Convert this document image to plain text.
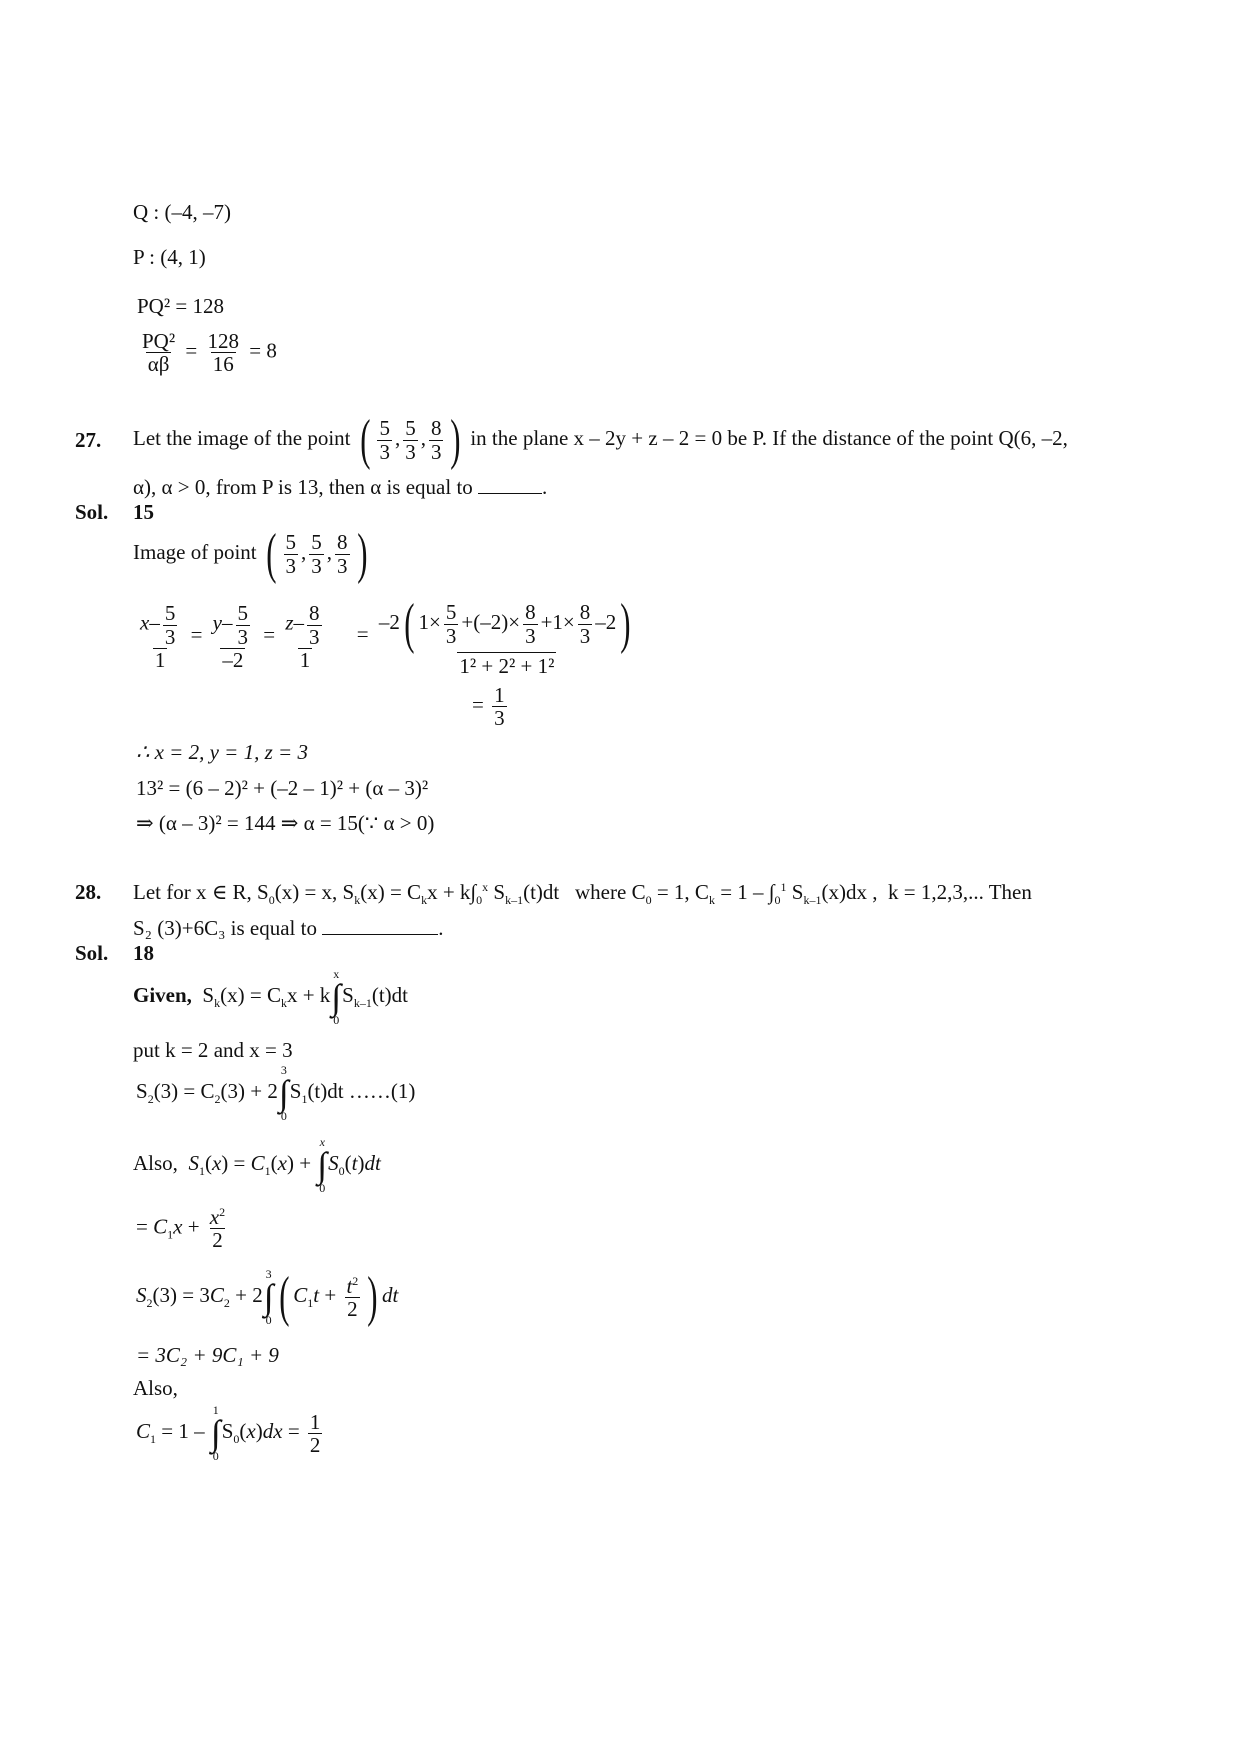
Q : (–4, –7)
P : (4, 1)
PQ² = 128
$\frac{\text{PQ²}}{\alpha\beta} = \frac{128}{16} = 8$
27. Let the image of the point ( $\frac{5}{3}$ , $\frac{5}{3}$ , $\frac{8}{3}$ ) in the plane x – 2y + z – 2 = 0 be P. If the distance of the point Q(6, –2,
α), α > 0, from P is 13, then α is equal to	.
Sol. 15
Image of point ( $\frac{5}{3}$ , $\frac{5}{3}$ , $\frac{8}{3}$ )
$\frac{x- \frac{5}{3}}{1} = \frac{y- \frac{5}{3}}{-2} = \frac{z- \frac{8}{3}}{1} = \frac{-2( 1\times \frac{5}{3} +(-2)\times \frac{8}{3} +1\times \frac{8}{3} -2)}{\text{1² + 2² + 1²}}$
= $\frac{1}{3}$
∴ x = 2, y = 1, z = 3
13² = (6 – 2)² + (–2 – 1)² + (α – 3)²
⇒ (α – 3)² = 144 ⇒ α = 15(∵ α > 0)
28. Let for x ∈ R, $S_0(x) = x$, $S_k(x) = C_kx + k\int_0^x$ $S_{k-1}(t)dt$   where $C_0 = 1$, $C_k = 1 - \int_0^1$ $S_{k-1}(x)dx$ ,  k = 1,2,3,... Then
S₂ (3)+6C₃ is equal to	.
Sol. 18
Given,  $S_k(x) = C_kx + k$
x
∫
0
$S_{k-1}(t)dt$
put k = 2 and x = 3
$S_2(3) = C_2(3) + 2$
3
∫
0
$S_1(t)dt$ ……(1)
Also, $S_1(x) = C_1(x)$ +
x
∫
0
$S_0(t)dt$
= $C_1x + \frac{x^2}{2}$
$S_2(3) = 3C_2 + 2$
3
∫
0 ( $C_1t + \frac{t^2}{2}$ ) dt
= 3C₂ + 9C₁ + 9
Also,
$C_1 = 1$ –
1
∫
0
$S_0(x)dx = \frac{1}{2}$
